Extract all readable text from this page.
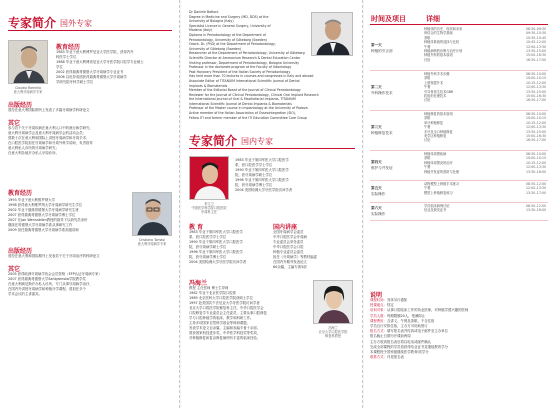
专家简介 国外专家
Claudio Ramella
意大利牙周病学专家
教育经历
1983 毕业于意大利博罗尼亚大学医学院，获得内外
科医学士学位
1988 毕业于意大利博洛尼亚大学牙医学院口腔学专业硕士
学位
2002 获得瑞典哥德堡大学牙周病学专业证书
2006 以优异成绩获得瑞典哥德堡大学牙周病学
学研究院牙科学硕士学位
出版经历
曾经在意大利国际期刊上发表了多篇牙周病学科研论文
其它
参与若干关于牙周疾病在意大利人口中的流行病学研究；
意大利牙周病学会及意大利牙周病学会的活动会员；
曾数十次在意大利和国际上讲授牙周病学和牙周手术；
在口腔医学院担任牙周病学和牙周外科学讲师，负责指导
意大利私人诊所的牙周病学研究；
在意大利各地开办私人牙周诊所。
教育经历
1993 毕业于意大利维罗纳大学
1998 获得意大利维罗纳大学牙周病学研究生学位
2002 毕业于瑞典哥德堡大学牙周病学研究生班
2007 获得瑞典哥德堡大学牙周病学博士学位
2007 在Jan Wennström教授的指导下以研究员身份
继续在哥德堡大学牙周病学系从事研究工作
2009 担任瑞典哥德堡大学牙周病学系高级讲师
Cristiano Tomasi
意大利牙周病学专家
出版经历
曾经在意大利和国际期刊上发表若干关于牙周治疗的科研论文
其它
2005 获得欧洲牙周病学协会会员资格（EFP认证牙周病专家）
2007 获得瑞典哥德堡大学Sahlgrenska学院教学奖
在意大利威尼斯开办私人诊所，专门从事牙周病学治疗，
在国内外讲授牙周病学和种植牙学课程，曾担任多个
学术会议的主讲嘉宾。
Dr Daniele Bottoni
Degree in Medicine and Surgery (MD, DDS) at the
University of Bologna (Italy)
Specialist Licence in General Surgery, University of
Modena (Italy)
Diploma in Periodontology at the Department of
Periodontology, University of Göteborg (Sweden)
Odont. Dr. (PhD) at the Department of Periodontology,
University of Göteborg (Sweden)
Researcher at the Department of Periodontology, University of Göteborg
Scientific Director at Ammonium Research & Dental Education Center
Visiting professor, Department of Periodontology, Bologna University
Professor in the doctorate program at the Faculty of Odontology
Past Honorary President of the Italian Society of Periodontology
Has held more than 70 lectures in courses and congresses in Italy and abroad
Associate Editor of TITANIUM International Scientific Journal of Dental
Implants & Biomaterials
Member of the Editorial Board of the Journal of Clinical Periodontology
Reviewer for the Journal of Clinical Periodontology, Clinical Oral Implant Research
the International Journal of Oral & Maxillofacial Implants, TITANIUM
International Scientific Journal of Dental Implants & Biomaterials
Professor of the Master course in Implantology at the University of Padova
Active member of the Italian Association of Osseointegration (SIO),
Fellow ITI and former member of the ITI Education Committee Core Group
专家简介 国内专家
李文卫
中国医学科学院口腔医院
牙周科主任
1983 毕业于第四军医大学口腔医学
系，获口腔医学学士学位
1990 毕业于第四军医大学口腔医学
院，获牙周病学硕士学位
1996 毕业于第四军医大学口腔医学
院，获牙周病学博士学位
2004 美国哈佛大学牙医学院访问学者
教 育	国内讲座
1983 毕业于第四军医大学口腔医学
系，获口腔医学学士学位
1990 毕业于第四军医大学口腔医学
院，获牙周病学硕士学位
1996 毕业于第四军医大学口腔医学
院，获牙周病学博士学位
2004 美国哈佛大学牙医学院访问学者
全国牙周病学会委员
中华口腔医学会牙周病
专业委员会常务委员
中华口腔医学会口腔
种植专业委员会委员
担任《牙周病学》等教材编委
在国内外期刊发表论文
60余篇，主编专著3部
冯海兰
教授 主任医师 博士生导师
1982 毕业于北京医学院口腔系
1989 北京医科大学口腔医学院获硕士学位
1997 赴美国宾夕法尼亚大学牙医学院访问学者
北京大学口腔医学院修复科主任，中华口腔医学会
口腔修复学专业委员会主任委员，主要从事口腔修复
学与口腔种植学的临床、教学和科研工作。
主持多项国家自然科学基金等科研课题，
发表学术论文百余篇，主编和参编专著十余部。
曾获国家科技进步奖、中华医学科技奖等奖项，
对种植修复和复杂修复病例有丰富的临床经验。
冯海兰
北京大学口腔医学院
修复科教授
时间及项目	详细
第一天
种植的引言部
种植体的历史、现状和未来	08:30–09:30
骨结合的生物学基础	09:30–10:30
茶歇	10:30–10:45
种植体系统的选择与比较	10:45–12:00
午餐	12:00–13:30
种植病例的诊断与治疗计划	13:30–15:00
种植外科的基本原则	15:00–16:30
讨论	16:30–17:00
第二天
外科操作技术
种植外科手术步骤	08:30–10:00
茶歇	10:00–10:15
上颌窦提升术	10:15–12:00
午餐	12:00–13:30
引导骨再生技术GBR	13:30–15:00
软组织处理技术	15:00–16:30
讨论	16:30–17:00
第三天
种植修复技术
种植修复的基本原则	08:30–10:00
茶歇	10:00–10:15
单牙种植修复	10:15–12:00
午餐	12:00–13:30
多牙及全口种植修复	13:30–15:00
美学区种植修复	15:00–16:30
讨论	16:30–17:00
第四天
维护与并发症
种植体周围疾病	08:30–10:00
茶歇	10:00–10:15
种植体周围炎的治疗	10:15–12:00
午餐	12:00–13:30
种植并发症的预防与处理	13:30–16:00
第五天
实际操作
动物模型上种植手术练习	08:30–12:00
午餐	12:00–13:30
模型上种植修复练习	13:30–17:00
第六天
实际操作
学员临床病例讨论	08:30–12:00
结业及颁发证书	13:30–16:00
说明
课程时间：具体另行通知
授课地点：待定
培训对象：从事口腔临床工作的执业医师，对种植学感兴趣的医师
学员人数：每期限额20人，报满即止
课程费用：含讲义、午餐及茶歇，不含住宿
学员自行安排住宿，主办方可协助预订
报名方式：填写报名表并传真或电子邮件至主办单位
报名截止日期为开课前两周
主办方收到报名表后将以电话或邮件确认
完成全部课程的学员将获得结业证书及继续教育学分
本课程授予国家级继续医学教育I类学分
联系方式：详见报名表
